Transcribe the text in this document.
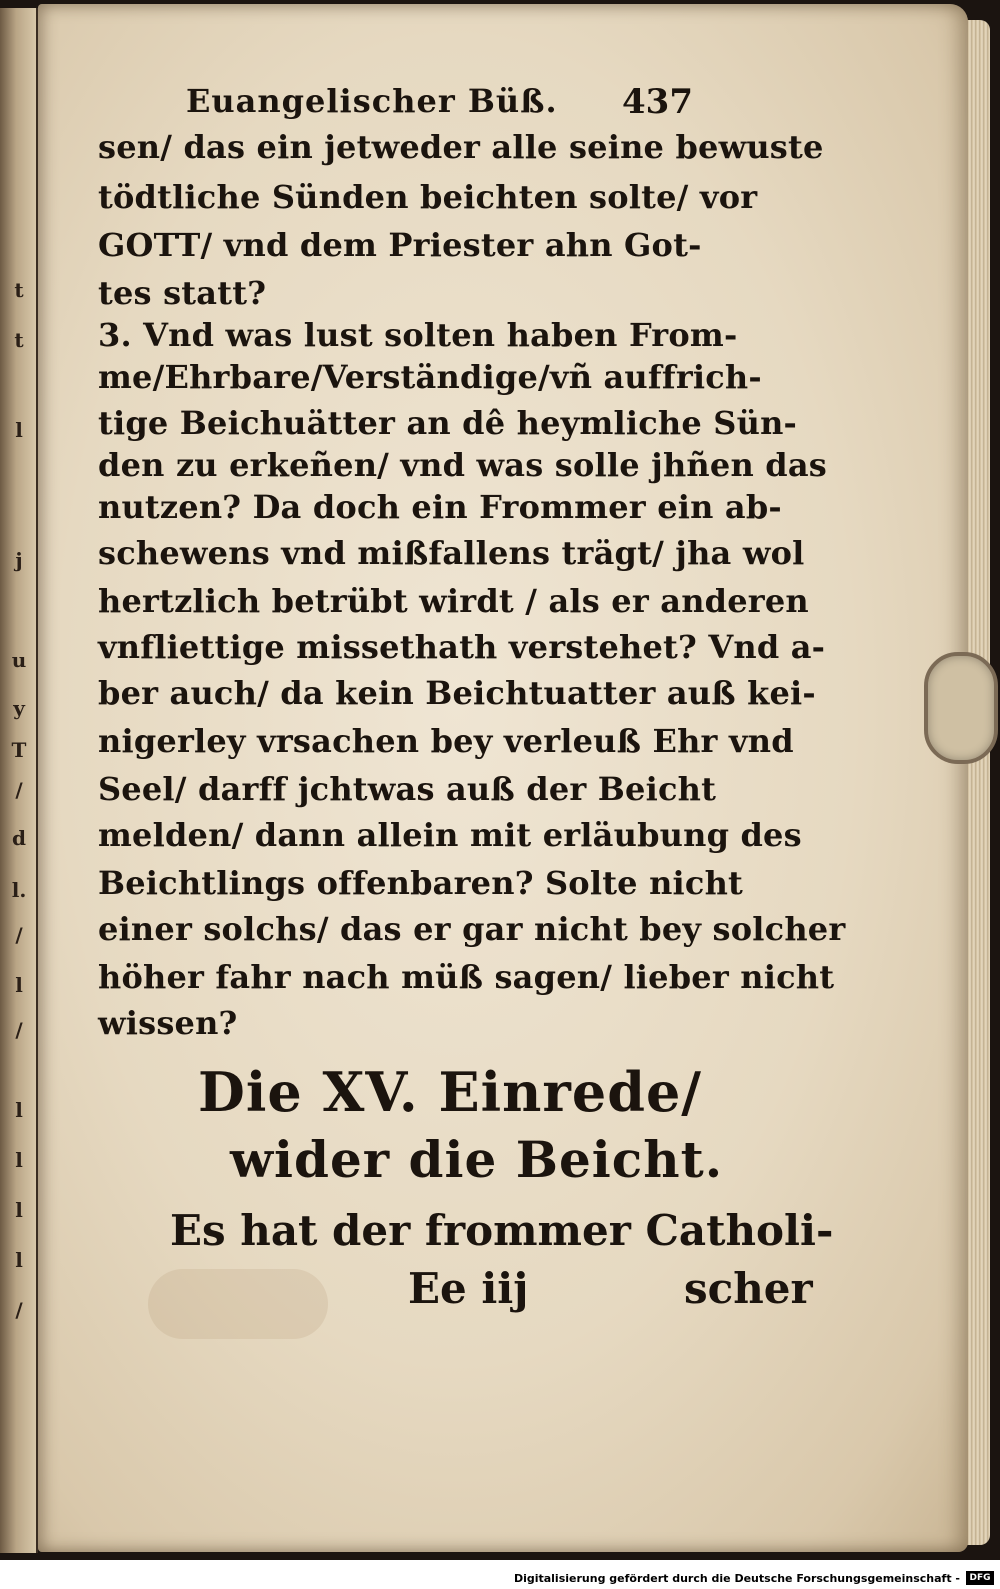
t
t
l
j
u
y
T
/
d
l.
/
l
/
l
l
l
l
/
Euangelischer Büß. 437
sen/ das ein jetweder alle seine bewuste
tödtliche Sünden beichten solte/ vor
GOTT/ vnd dem Priester ahn Got-
tes statt?
3. Vnd was lust solten haben From-
me/Ehrbare/Verständige/vñ auffrich-
tige Beichuätter an dê heymliche Sün-
den zu erkeñen/ vnd was solle jhñen das
nutzen? Da doch ein Frommer ein ab-
schewens vnd mißfallens trägt/ jha wol
hertzlich betrübt wirdt / als er anderen
vnfliettige missethath verstehet? Vnd a-
ber auch/ da kein Beichtuatter auß kei-
nigerley vrsachen bey verleuß Ehr vnd
Seel/ darff jchtwas auß der Beicht
melden/ dann allein mit erläubung des
Beichtlings offenbaren? Solte nicht
einer solchs/ das er gar nicht bey solcher
höher fahr nach müß sagen/ lieber nicht
wissen?
Die XV. Einrede/
wider die Beicht.
Es hat der frommer Catholi-
Ee iij	scher
Digitalisierung gefördert durch die Deutsche Forschungsgemeinschaft -	DFG
